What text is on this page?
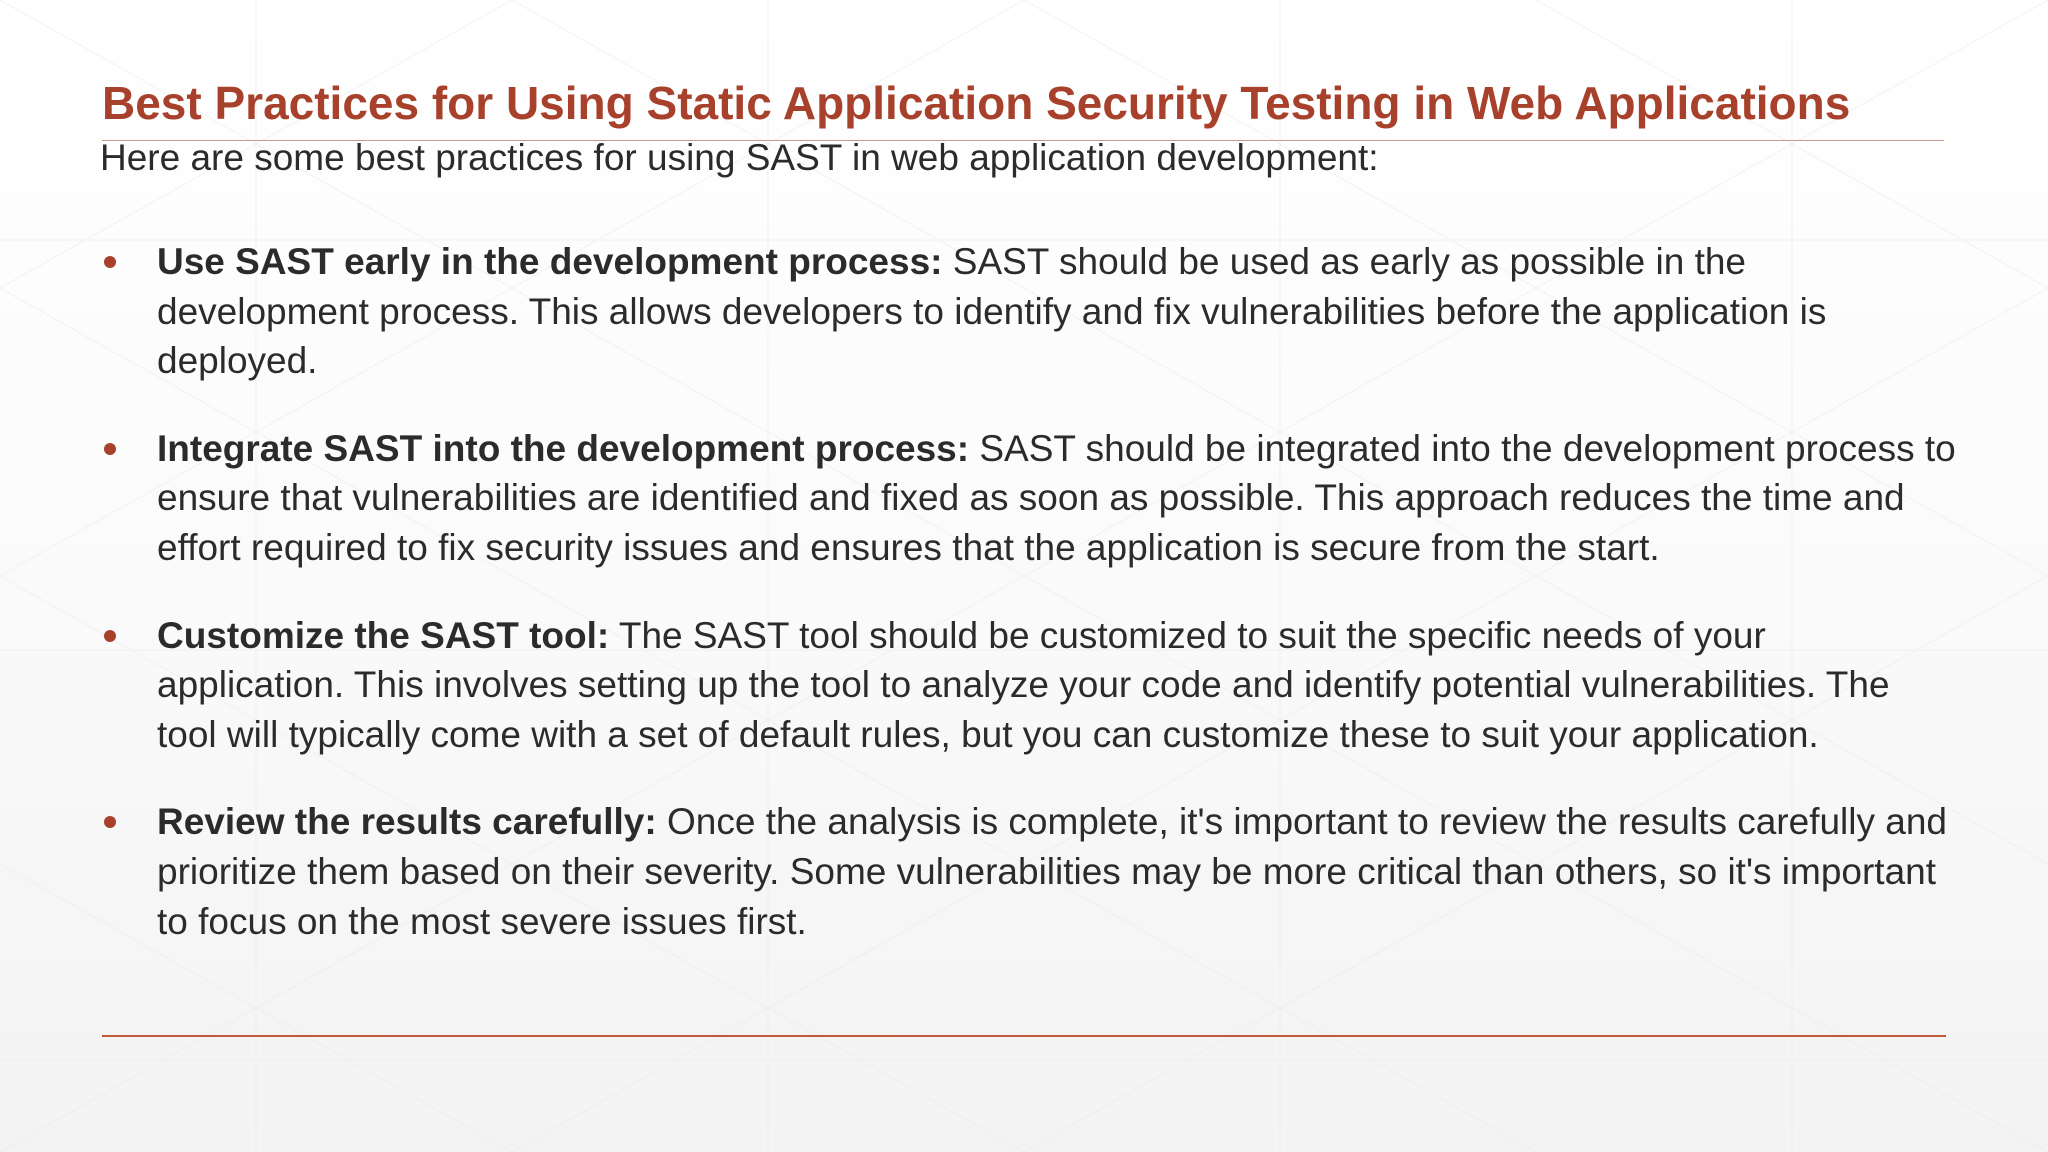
Best Practices for Using Static Application Security Testing in Web Applications

Here are some best practices for using SAST in web application development:

Use SAST early in the development process: SAST should be used as early as possible in the development process. This allows developers to identify and fix vulnerabilities before the application is deployed.
Integrate SAST into the development process: SAST should be integrated into the development process to ensure that vulnerabilities are identified and fixed as soon as possible. This approach reduces the time and effort required to fix security issues and ensures that the application is secure from the start.
Customize the SAST tool: The SAST tool should be customized to suit the specific needs of your application. This involves setting up the tool to analyze your code and identify potential vulnerabilities. The tool will typically come with a set of default rules, but you can customize these to suit your application.
Review the results carefully: Once the analysis is complete, it's important to review the results carefully and prioritize them based on their severity. Some vulnerabilities may be more critical than others, so it's important to focus on the most severe issues first.
